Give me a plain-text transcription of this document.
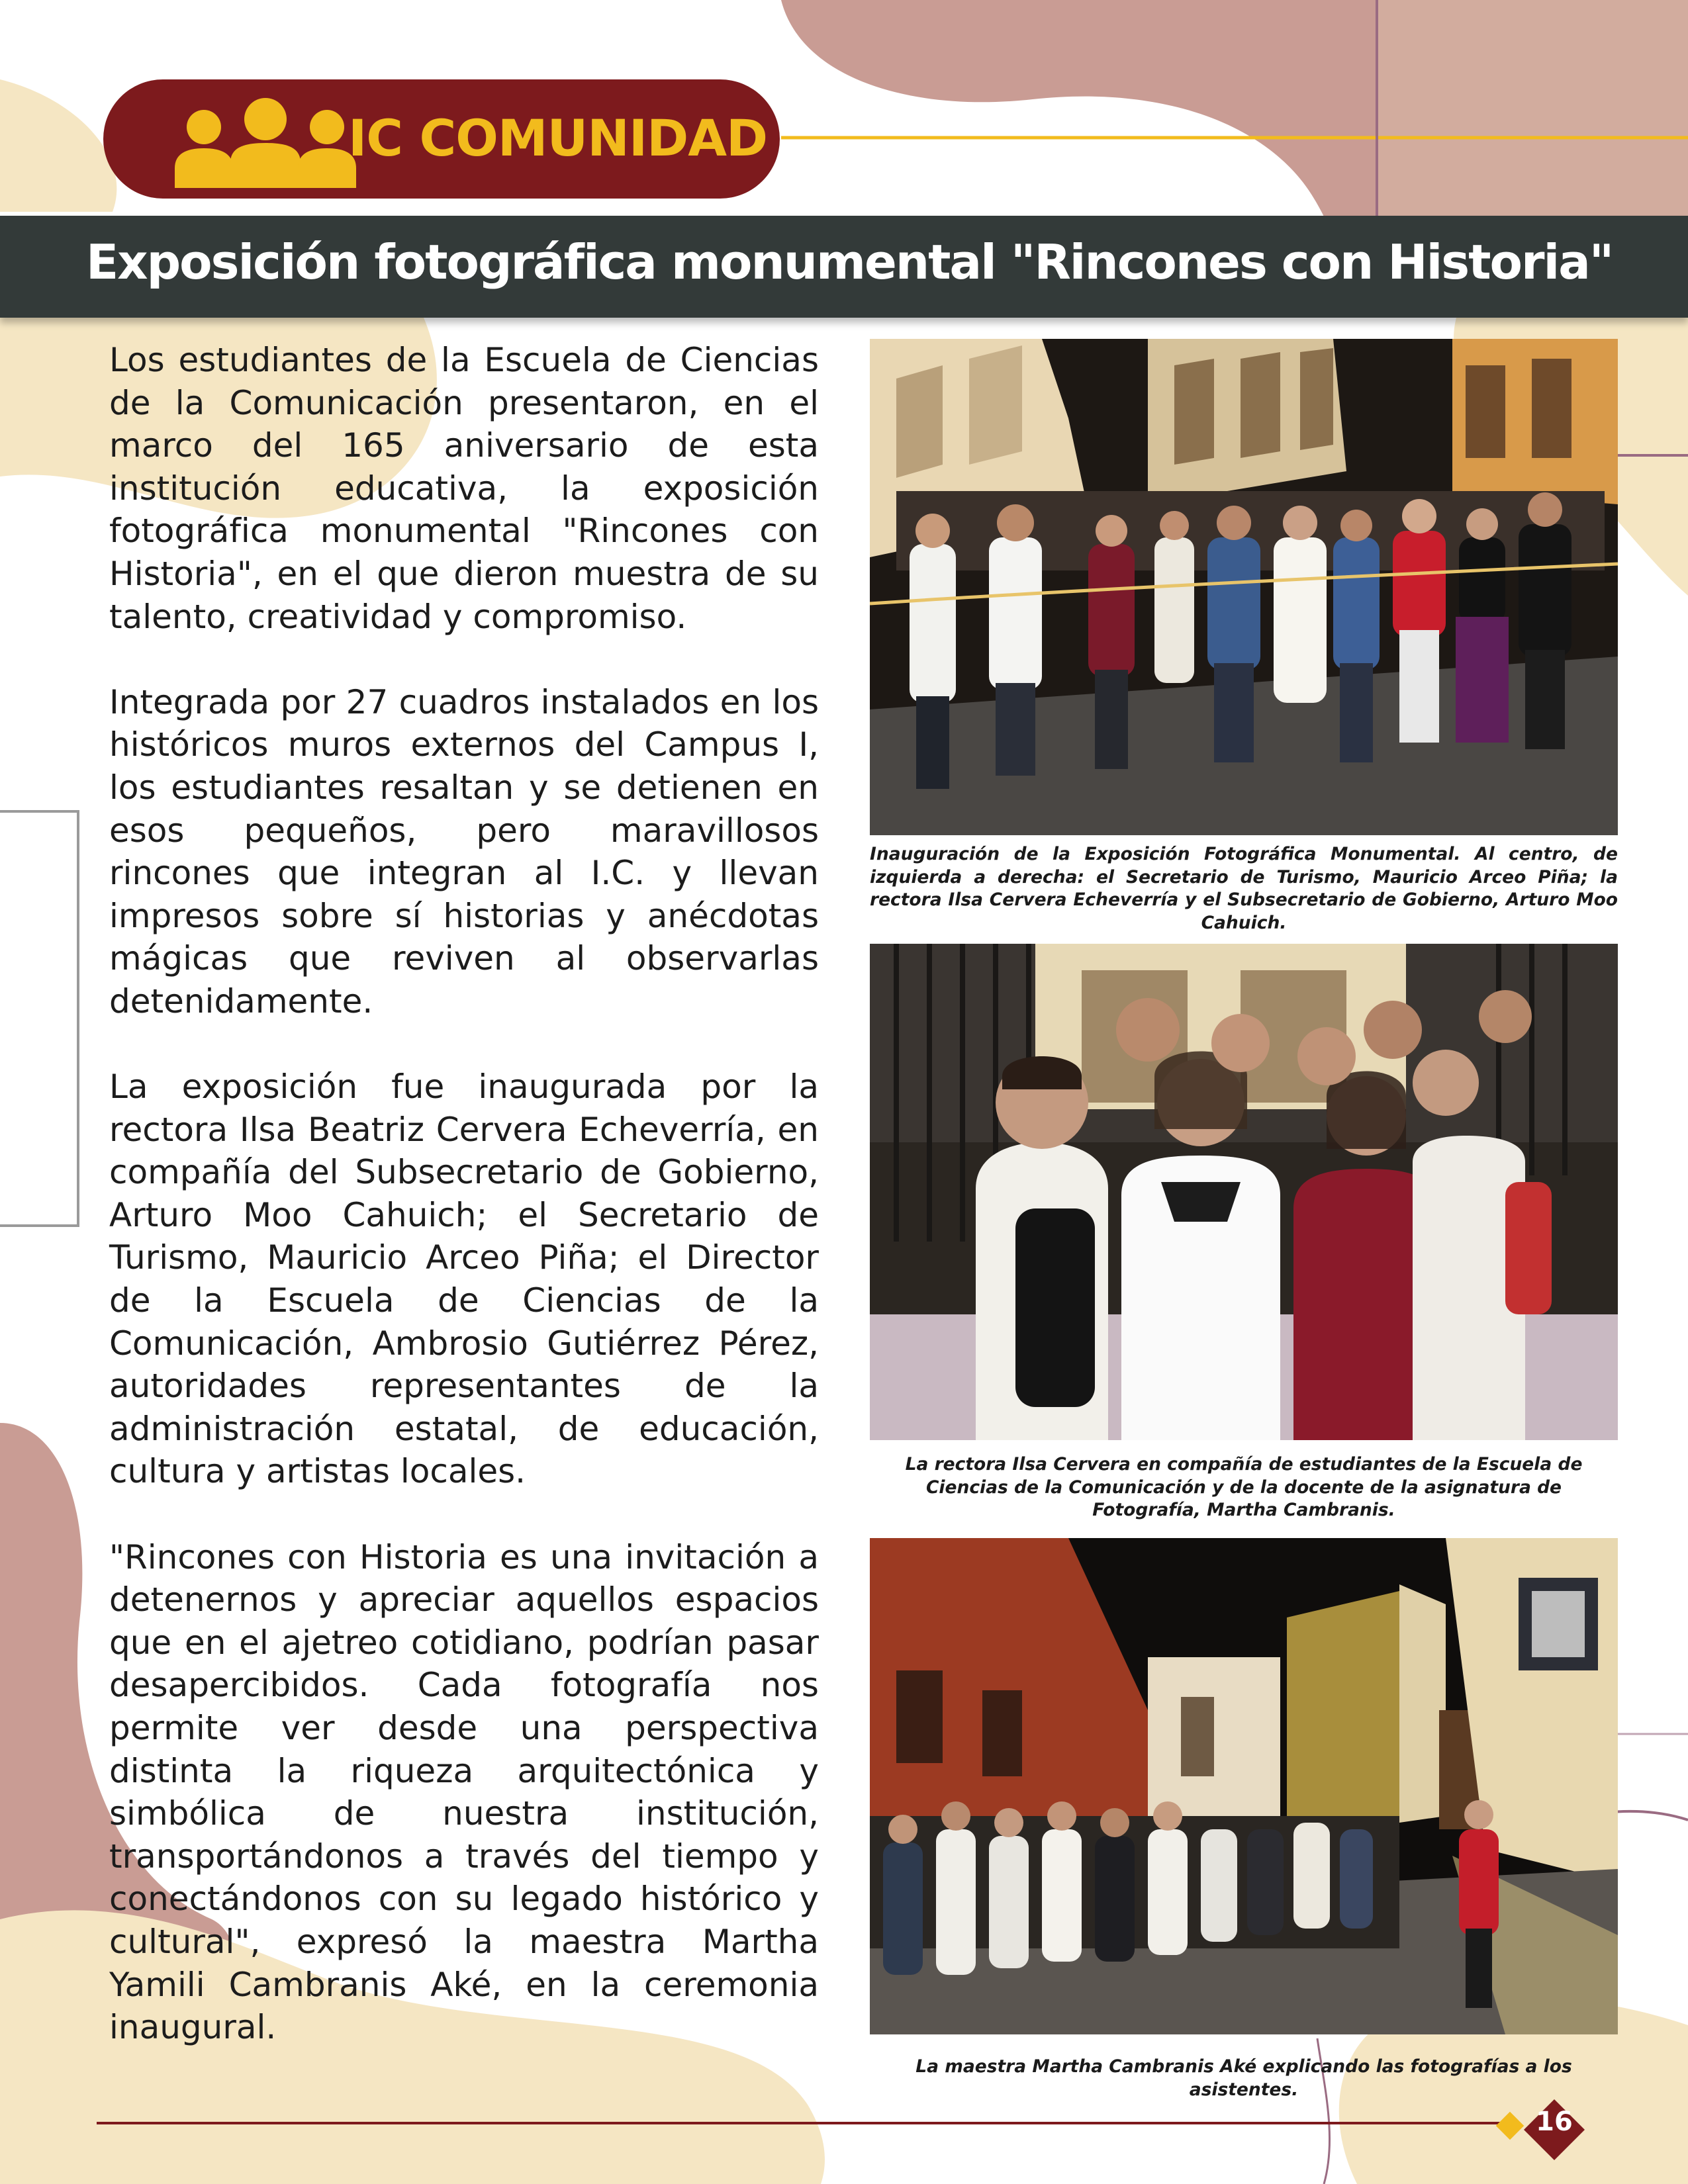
IC COMUNIDAD
Exposición fotográfica monumental "Rincones con Historia"

Los estudiantes de la Escuela de Ciencias de la Comunicación presentaron, en el marco del 165 aniversario de esta institución educativa, la exposición fotográfica monumental "Rincones con Historia", en el que dieron muestra de su talento, creatividad y compromiso.

Integrada por 27 cuadros instalados en los históricos muros externos del Campus I, los estudiantes resaltan y se detienen en esos pequeños, pero maravillosos rincones que integran al I.C. y llevan impresos sobre sí historias y anécdotas mágicas que reviven al observarlas detenidamente.

La exposición fue inaugurada por la rectora Ilsa Beatriz Cervera Echeverría, en compañía del Subsecretario de Gobierno, Arturo Moo Cahuich; el Secretario de Turismo, Mauricio Arceo Piña; el Director de la Escuela de Ciencias de la Comunicación, Ambrosio Gutiérrez Pérez, autoridades representantes de la administración estatal, de educación, cultura y artistas locales.

"Rincones con Historia es una invitación a detenernos y apreciar aquellos espacios que en el ajetreo cotidiano, podrían pasar desapercibidos. Cada fotografía nos permite ver desde una perspectiva distinta la riqueza arquitectónica y simbólica de nuestra institución, transportándonos a través del tiempo y conectándonos con su legado histórico y cultural", expresó la maestra Martha Yamili Cambranis Aké, en la ceremonia inaugural.

Inauguración de la Exposición Fotográfica Monumental. Al centro, de izquierda a derecha: el Secretario de Turismo, Mauricio Arceo Piña; la rectora Ilsa Cervera Echeverría y el Subsecretario de Gobierno, Arturo Moo Cahuich.
La rectora Ilsa Cervera en compañía de estudiantes de la Escuela de Ciencias de la Comunicación y de la docente de la asignatura de Fotografía, Martha Cambranis.
La maestra Martha Cambranis Aké explicando las fotografías a los asistentes.
16
